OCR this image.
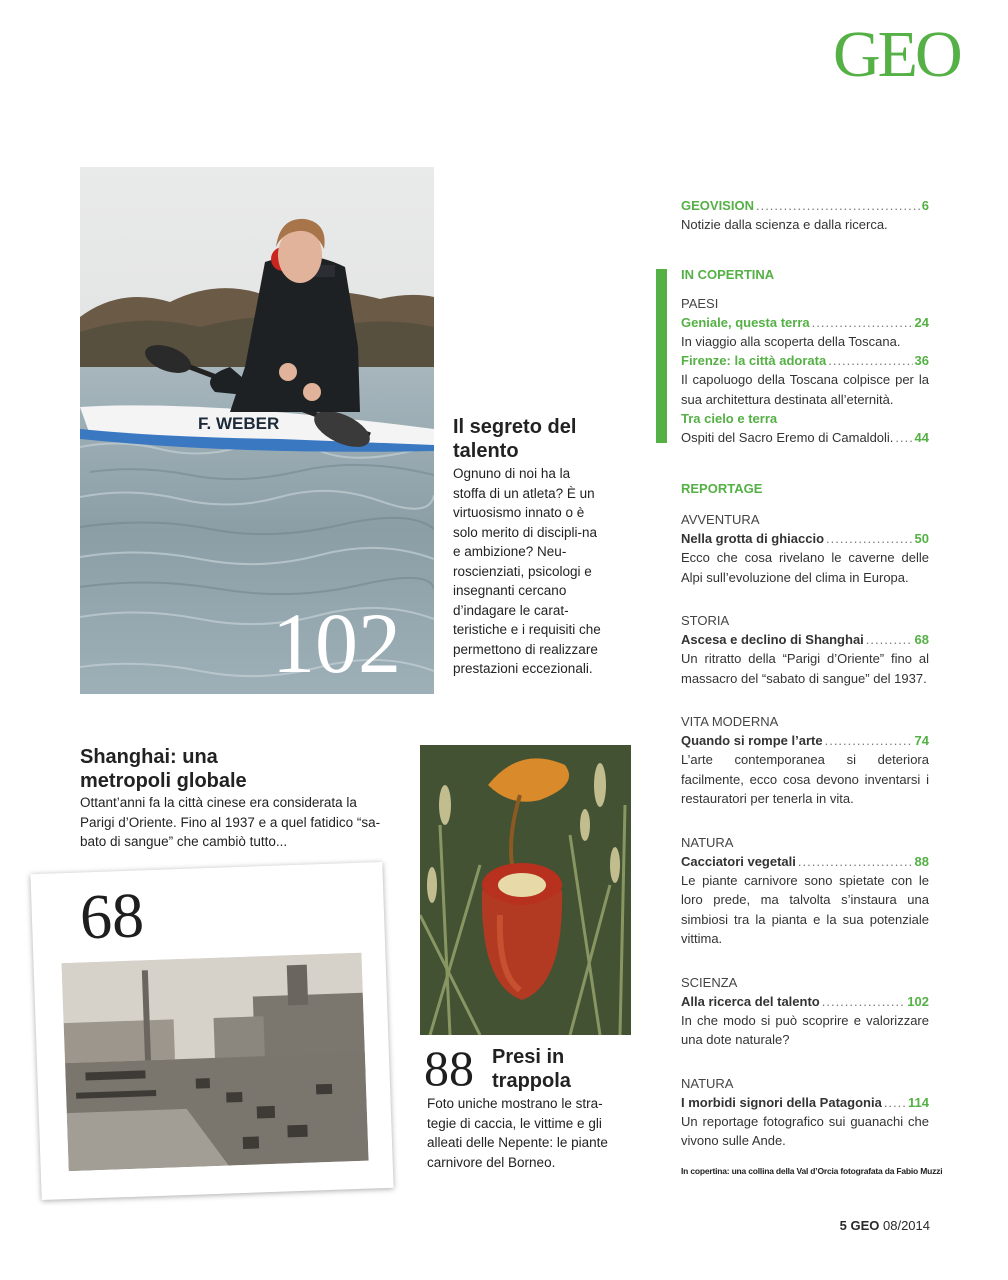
GEO
F. WEBER
102
Il segreto del talento
Ognuno di noi ha la stoffa di un atleta? È un virtuosismo innato o è solo merito di discipli-na e ambizione? Neu-roscienziati, psicologi e insegnanti cercano d’indagare le carat-teristiche e i requisiti che permettono di realizzare prestazioni eccezionali.
Shanghai: una metropoli globale
Ottant’anni fa la città cinese era considerata la Parigi d’Oriente. Fino al 1937 e a quel fatidico “sa-bato di sangue” che cambiò tutto...
68
88 Presi in trappola
Foto uniche mostrano le stra-tegie di caccia, le vittime e gli alleati delle Nepente: le piante carnivore del Borneo.
GEOVISION .....	6
Notizie dalla scienza e dalla ricerca.
IN COPERTINA
PAESI
Geniale, questa terra .....	24
In viaggio alla scoperta della Toscana.
Firenze: la città adorata .....	36
Il capoluogo della Toscana colpisce per la sua architettura destinata all’eternità.
Tra cielo e terra
Ospiti del Sacro Eremo di Camaldoli. ..... 44
REPORTAGE
AVVENTURA
Nella grotta di ghiaccio .....	50
Ecco che cosa rivelano le caverne delle Alpi sull’evoluzione del clima in Europa.
STORIA
Ascesa e declino di Shanghai .....	68
Un ritratto della “Parigi d’Oriente” fino al massacro del “sabato di sangue” del 1937.
VITA MODERNA
Quando si rompe l’arte .....	74
L’arte contemporanea si deteriora facilmente, ecco cosa devono inventarsi i restauratori per tenerla in vita.
NATURA
Cacciatori vegetali .....	88
Le piante carnivore sono spietate con le loro prede, ma talvolta s’instaura una simbiosi tra la pianta e la sua potenziale vittima.
SCIENZA
Alla ricerca del talento .....	102
In che modo si può scoprire e valorizzare una dote naturale?
NATURA
I morbidi signori della Patagonia ..... 114
Un reportage fotografico sui guanachi che vivono sulle Ande.
In copertina: una collina della Val d’Orcia fotografata da Fabio Muzzi
5 GEO 08/2014
